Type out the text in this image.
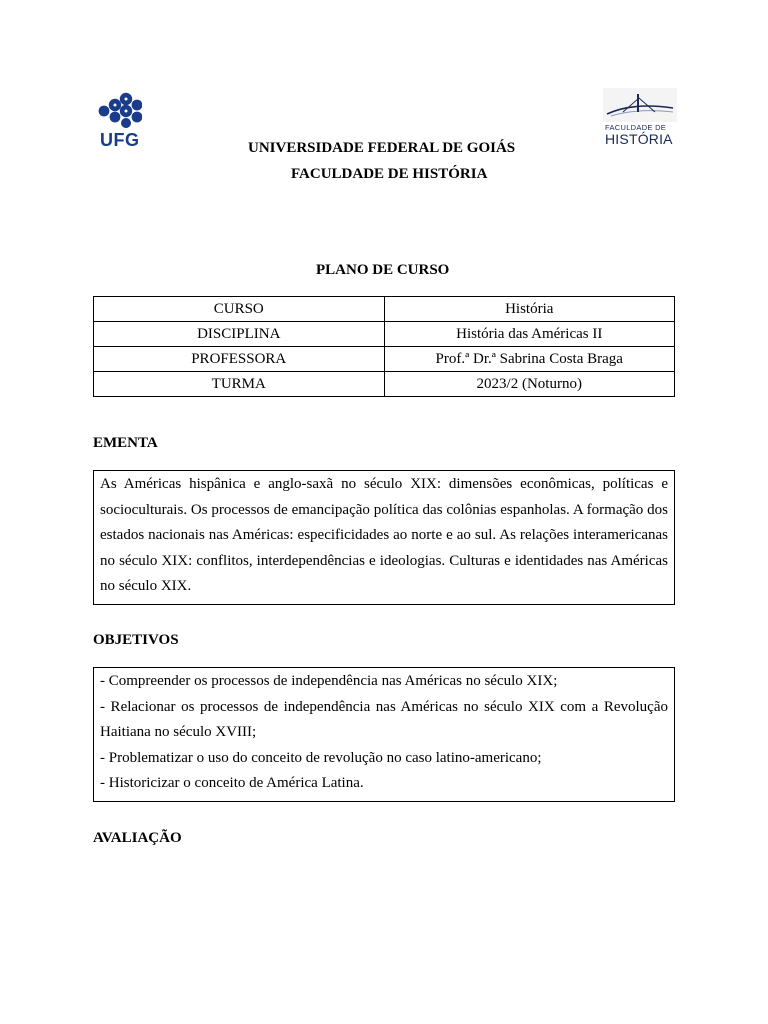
UFG
FACULDADE DE
HISTÓRIA
UNIVERSIDADE FEDERAL DE GOIÁS
FACULDADE DE HISTÓRIA
PLANO DE CURSO
CURSO	História
DISCIPLINA	História das Américas II
PROFESSORA	Prof.ª Dr.ª Sabrina Costa Braga
TURMA	2023/2 (Noturno)
EMENTA

As Américas hispânica e anglo-saxã no século XIX: dimensões econômicas, políticas e socioculturais. Os processos de emancipação política das colônias espanholas. A formação dos estados nacionais nas Américas: especificidades ao norte e ao sul. As relações interamericanas no século XIX: conflitos, interdependências e ideologias. Culturas e identidades nas Américas no século XIX.

OBJETIVOS
- Compreender os processos de independência nas Américas no século XIX;
- Relacionar os processos de independência nas Américas no século XIX com a Revolução Haitiana no século XVIII;
- Problematizar o uso do conceito de revolução no caso latino-americano;
- Historicizar o conceito de América Latina.
AVALIAÇÃO
